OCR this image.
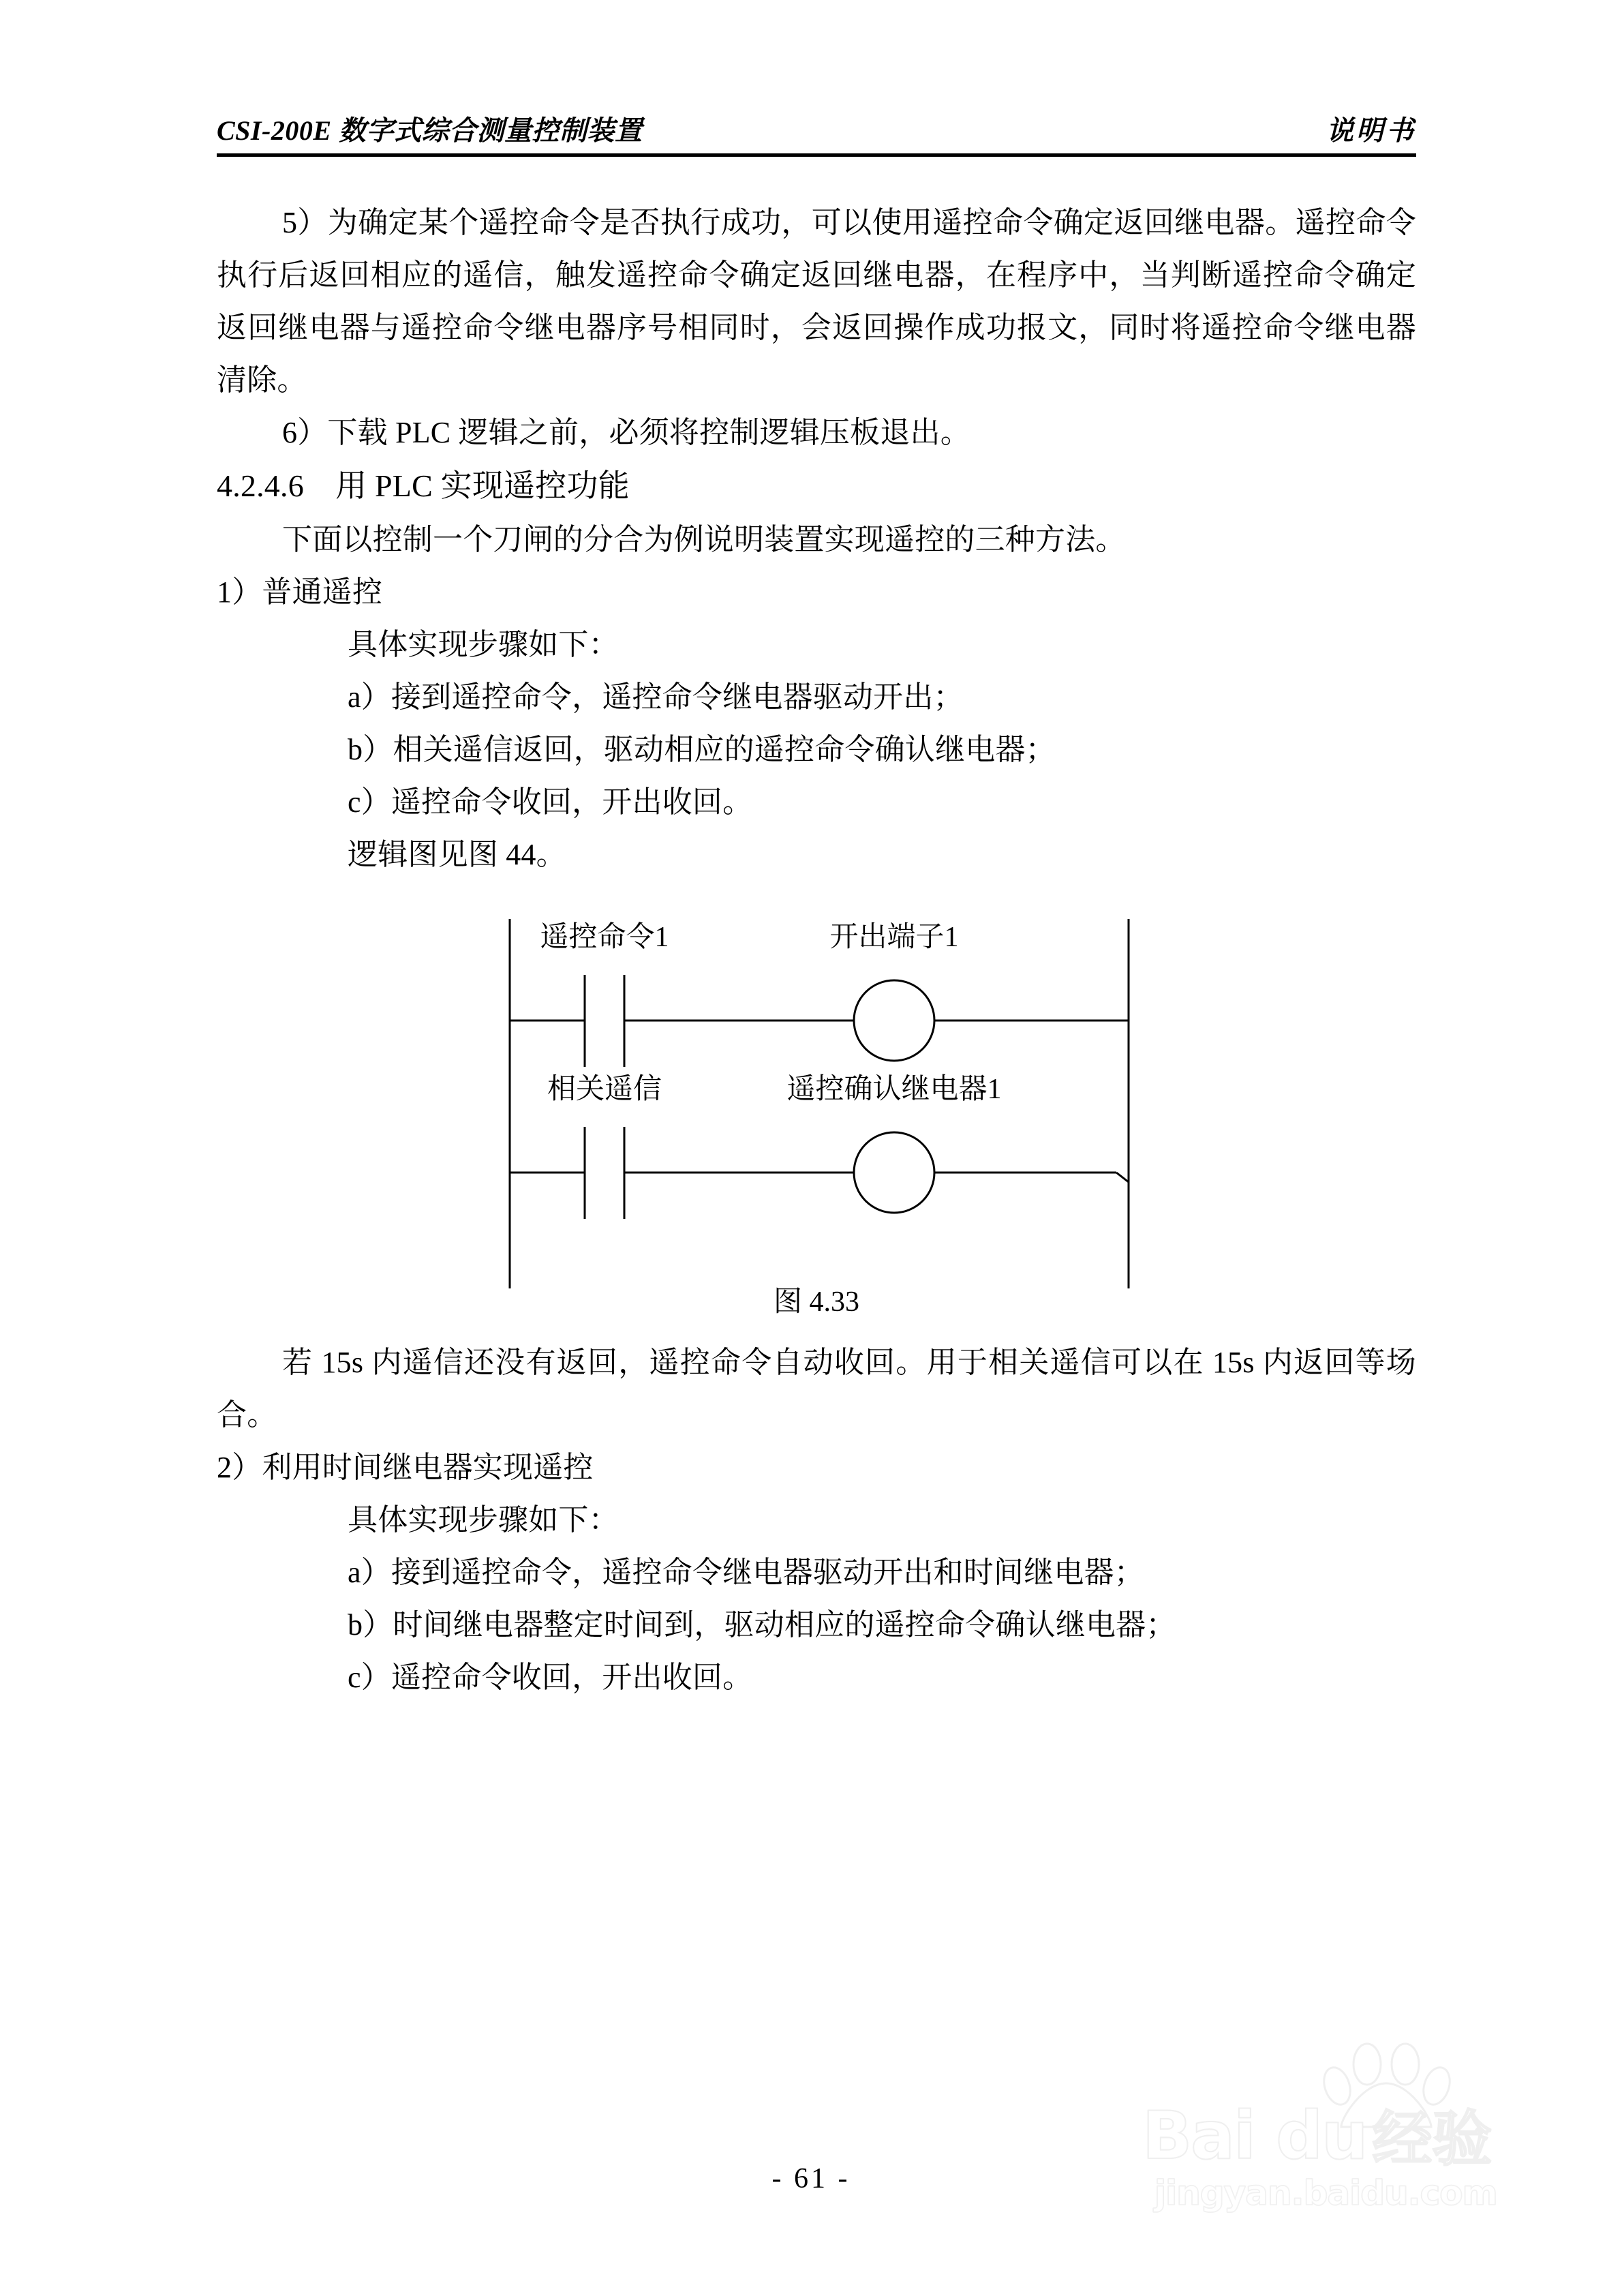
CSI-200E 数字式综合测量控制装置	说明书

5）为确定某个遥控命令是否执行成功，可以使用遥控命令确定返回继电器。遥控命令执行后返回相应的遥信，触发遥控命令确定返回继电器，在程序中，当判断遥控命令确定返回继电器与遥控命令继电器序号相同时，会返回操作成功报文，同时将遥控命令继电器清除。

6）下载 PLC 逻辑之前，必须将控制逻辑压板退出。

4.2.4.6　用 PLC 实现遥控功能

下面以控制一个刀闸的分合为例说明装置实现遥控的三种方法。

1）普通遥控

具体实现步骤如下：

a）接到遥控命令，遥控命令继电器驱动开出；

b）相关遥信返回，驱动相应的遥控命令确认继电器；

c）遥控命令收回，开出收回。

逻辑图见图 44。

遥控命令1	开出端子1
相关遥信	遥控确认继电器1
图 4.33

若 15s 内遥信还没有返回，遥控命令自动收回。用于相关遥信可以在 15s 内返回等场合。

2）利用时间继电器实现遥控

具体实现步骤如下：

a）接到遥控命令，遥控命令继电器驱动开出和时间继电器；

b）时间继电器整定时间到，驱动相应的遥控命令确认继电器；

c）遥控命令收回，开出收回。

Bai du 经验
jingyan.baidu.com
- 61 -
